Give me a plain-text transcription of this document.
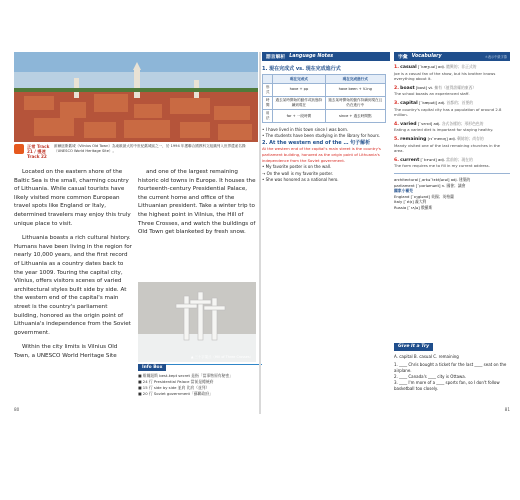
正常 Track 21 / 慢速 Track 22
維爾紐斯舊城（Vilnius Old Town）為東歐最大的中世紀舊城區之一，於 1994 年獲聯合國教科文組織列入世界遺產名錄（UNESCO World Heritage Site）。

Located on the eastern shore of the Baltic Sea is the small, charming country of Lithuania. While casual tourists have likely visited more common European travel spots like England or Italy, determined travelers may enjoy this truly unique place to visit.

Lithuania boasts a rich cultural history. Humans have been living in the region for nearly 10,000 years, and the first record of Lithuania as a country dates back to the year 1009. Touring the capital city, Vilnius, offers visitors scenes of varied architectural styles built side by side. At the western end of the capital's main street is the country's parliament building, honored as the origin point of Lithuania's independence from the Soviet government.

Within the city limits is Vilnius Old Town, a UNESCO World Heritage Site

and one of the largest remaining historic old towns in Europe. It houses the fourteenth-century Presidential Palace, the current home and office of the Lithuanian president. Take a winter trip to the highest point in Vilnius, the Hill of Three Crosses, and watch the buildings of Old Town get blanketed by fresh snow.

▲ 三十字架丘（Hill of Three Crosses）
Info Box
■ 維爾紐斯 best-kept secret 是指「當事物原有秘密」
■ 24 行 Presidential Palace 當前是總統府
■ 15 行 side by side 並肩 比肩（並列）
■ 20 行 Soviet government「蘇聯政府」
80
語言解析 Language Notes
1. 現在完成式 vs. 現在完成進行式
	現在完成式	現在完成進行式
形式	have + pp	have been + V-ing
時間	過去某時開始的動作或狀態持續到現在	過去某時開始的動作持續到現在且仍在進行中
用法	for + 一段時間	since + 過去時間點
• I have lived in this town since I was born.
• The students have been studying in the library for hours.
2. At the western end of the … 句子解析
At the western end of the capital's main street is the country's parliament building, honored as the origin point of Lithuania's independence from the Soviet government.
• My favorite poster is on the wall.
→ On the wall is my favorite poster.
• She was honored as a national hero.
字彙 Vocabulary	＊表示中級字彙
1. casual [ˋkæʒuəl] adj. 隨興的；非正式的
Joe is a casual fan of the show, but his brother knows everything about it.
2. boast [bost] vt. 擁有（值得誇耀的東西）
The school boasts an experienced staff.
3. capital [ˋkæpətḷ] adj. 首都的；首要的
The country's capital city has a population of around 2.8 million.
4. varied [ˋvɛrɪd] adj. 各式各樣的；形形色色的
Eating a varied diet is important for staying healthy.
5. remaining [rɪˋmenɪŋ] adj. 剩餘的；尚存的
Mandy visited one of the last remaining churches in the area.
6. current [ˋkɝənt] adj. 當前的；現在的
The form requires me to fill in my current address.
architectural [ˌɑrkəˋtɛktʃərəl] adj. 建築的
parliament [ˋpɑrləmənt] n. 國會；議會
國家小補充
England [ˋɪŋɡlənd] 英國；英格蘭
Italy [ˋɪtḷɪ] 義大利
Russia [ˋrʌʃə] 俄羅斯
Give It a Try
A. capital B. casual C. remaining
1. ____ Chris bought a ticket for the last ____ seat on the airplane.
2. ____ Canada's ____ city is Ottawa.
3. ____ I'm more of a ____ sports fan, so I don't follow basketball too closely.
81
